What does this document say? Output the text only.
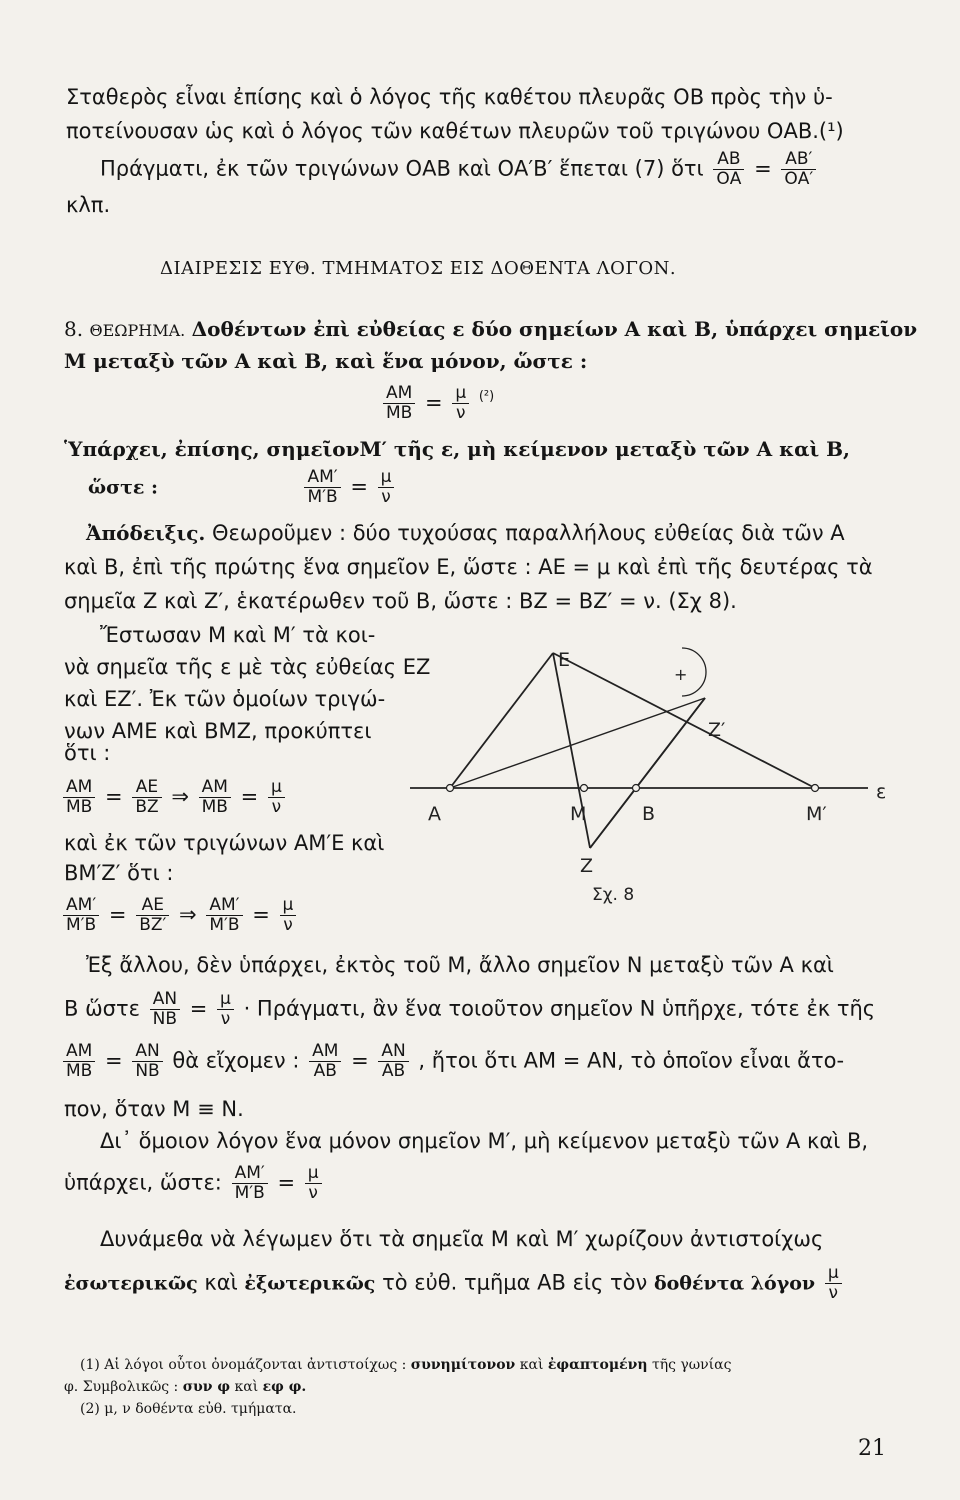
Σταθερὸς εἶναι ἐπίσης καὶ ὁ λόγος τῆς καθέτου πλευρᾶς ΟΒ πρὸς τὴν ὑ-
ποτείνουσαν ὡς καὶ ὁ λόγος τῶν καθέτων πλευρῶν τοῦ τριγώνου ΟΑΒ.(¹)
Πράγματι, ἐκ τῶν τριγώνων ΟΑΒ καὶ ΟΑ′Β′ ἕπεται (7) ὅτι $\frac{AB}{OA} = \frac{AB'}{OA'}$
κλπ.
ΔΙΑΙΡΕΣΙΣ ΕΥΘ. ΤΜΗΜΑΤΟΣ ΕΙΣ ΔΟΘΕΝΤΑ ΛΟΓΟΝ.
8. ΘΕΩΡΗΜΑ. Δοθέντων ἐπὶ εὐθείας ε δύο σημείων Α καὶ Β, ὑπάρχει σημεῖον
Μ μεταξὺ τῶν Α καὶ Β, καὶ ἕνα μόνον, ὥστε :
$\frac{AM}{MB} = \frac{\mu}{\nu} ^{(^2)}$
Ὑπάρχει, ἐπίσης, σημεῖονΜ′ τῆς ε, μὴ κείμενον μεταξὺ τῶν Α καὶ Β,
ὥστε :	$\frac{AM'}{M'B} = \frac{\mu}{\nu}$
Ἀπόδειξις. Θεωροῦμεν : δύο τυχούσας παραλλήλους εὐθείας διὰ τῶν Α
καὶ Β, ἐπὶ τῆς πρώτης ἕνα σημεῖον Ε, ὥστε : ΑΕ = μ καὶ ἐπὶ τῆς δευτέρας τὰ
σημεῖα Ζ καὶ Ζ′, ἑκατέρωθεν τοῦ Β, ὥστε : ΒΖ = ΒΖ′ = ν. (Σχ 8).
Ἔστωσαν Μ καὶ Μ′ τὰ κοι-
νὰ σημεῖα τῆς ε μὲ τὰς εὐθείας ΕΖ
καὶ ΕΖ′. Ἐκ τῶν ὁμοίων τριγώ-
νων ΑΜΕ καὶ ΒΜΖ, προκύπτει
ὅτι :
$\frac{AM}{MB} = \frac{AE}{BZ}$ ⇒ $\frac{AM}{MB} = \frac{\mu}{\nu}$
καὶ ἐκ τῶν τριγώνων ΑΜ′Ε καὶ
ΒΜ′Ζ′ ὅτι :
$\frac{AM'}{M'B} = \frac{AE}{BZ'}$ ⇒ $\frac{AM'}{M'B} = \frac{\mu}{\nu}$
+
Ε
Ζ′
Α	Μ	Β	Μ′
Ζ
ε
Σχ. 8
Ἐξ ἄλλου, δὲν ὑπάρχει, ἐκτὸς τοῦ Μ, ἄλλο σημεῖον Ν μεταξὺ τῶν Α καὶ
Β ὥστε $\frac{AN}{NB} = \frac{\mu}{\nu} \cdot \Pi\rho ά\gamma\mu\alpha\tau\iota$, ἂν ἕνα τοιοῦτον σημεῖον Ν ὑπῆρχε, τότε ἐκ τῆς
$\frac{AM}{MB} = \frac{AN}{NB}$ θὰ εἴχομεν : $\frac{AM}{AB} = \frac{AN}{AB}$ , ἤτοι ὅτι ΑΜ = ΑΝ, τὸ ὁποῖον εἶναι ἄτο-
πον, ὅταν Μ ≡ Ν.
Δι᾽ ὅμοιον λόγον ἕνα μόνον σημεῖον Μ′, μὴ κείμενον μεταξὺ τῶν Α καὶ Β,
ὑπάρχει, ὥστε: $\frac{AM'}{M'B} = \frac{\mu}{\nu}$
Δυνάμεθα νὰ λέγωμεν ὅτι τὰ σημεῖα Μ καὶ Μ′ χωρίζουν ἀντιστοίχως
ἐσωτερικῶς καὶ ἐξωτερικῶς τὸ εὐθ. τμῆμα ΑΒ εἰς τὸν δοθέντα λόγον $\frac{\mu}{\nu}$
(1) Αἱ λόγοι οὗτοι ὀνομάζονται ἀντιστοίχως : συνημίτονον καὶ ἐφαπτομένη τῆς γωνίας
φ. Συμβολικῶς : συν φ καὶ εφ φ.
(2) μ, ν δοθέντα εὐθ. τμήματα.
21
